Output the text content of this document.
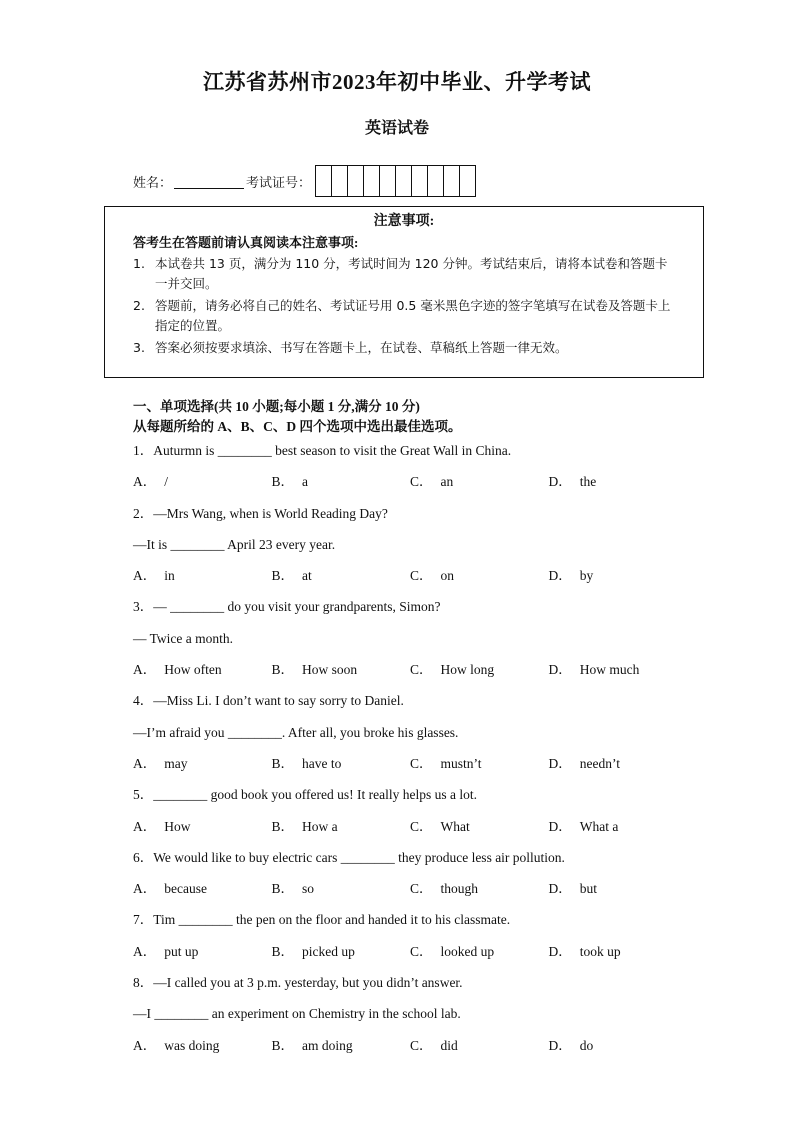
江苏省苏州市2023年初中毕业、升学考试
英语试卷
姓名：	考试证号：
注意事项:
答考生在答题前请认真阅读本注意事项:
1. 本试卷共 13 页，满分为 110 分，考试时间为 120 分钟。考试结束后，请将本试卷和答题卡一并交回。
2. 答题前，请务必将自己的姓名、考试证号用 0.5 毫米黑色字迹的签字笔填写在试卷及答题卡上指定的位置。
3. 答案必须按要求填涂、书写在答题卡上，在试卷、草稿纸上答题一律无效。
一、单项选择(共 10 小题;每小题 1 分,满分 10 分)
从每题所给的 A、B、C、D 四个选项中选出最佳选项。
1．Auturmn is ________ best season to visit the Great Wall in China.
A． /	B． a	C． an	D． the
2．—Mrs Wang, when is World Reading Day?
—It is ________ April 23 every year.
A． in	B． at	C． on	D． by
3．— ________ do you visit your grandparents, Simon?
— Twice a month.
A． How often	B． How soon	C． How long	D． How much
4．—Miss Li. I don’t want to say sorry to Daniel.
—I’m afraid you ________. After all, you broke his glasses.
A． may	B． have to	C． mustn’t	D． needn’t
5．________ good book you offered us! It really helps us a lot.
A． How	B． How a	C． What	D． What a
6．We would like to buy electric cars ________ they produce less air pollution.
A． because	B． so	C． though	D． but
7．Tim ________ the pen on the floor and handed it to his classmate.
A． put up	B． picked up	C． looked up	D． took up
8．—I called you at 3 p.m. yesterday, but you didn’t answer.
—I ________ an experiment on Chemistry in the school lab.
A． was doing	B． am doing	C． did	D． do
